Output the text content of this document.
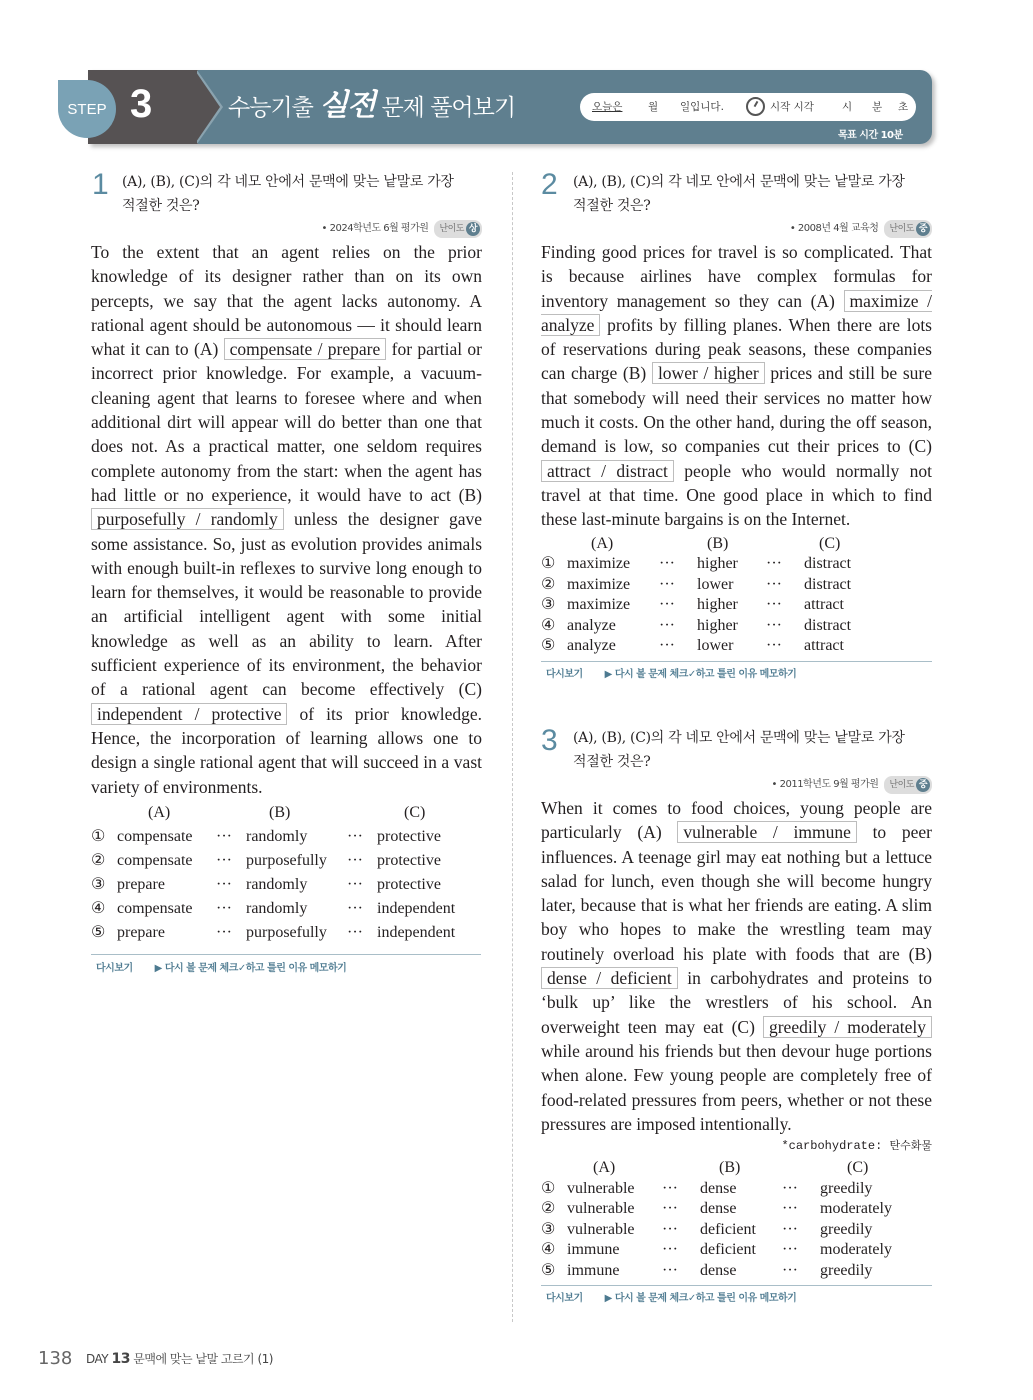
STEP 3	수능기출 실전 문제 풀어보기	오늘은 월 일입니다.	시작 시각	시 분 초
목표 시간 10분
1 (A), (B), (C)의 각 네모 안에서 문맥에 맞는 낱말로 가장
적절한 것은?
• 2024학년도 6월 평가원 난이도 상
To the extent that an agent relies on the prior knowledge of its designer rather than on its own percepts, we say that the agent lacks autonomy. A rational agent should be autonomous — it should learn what it can to (A) compensate / prepare for partial or incorrect prior knowledge. For example, a vacuum-cleaning agent that learns to foresee where and when additional dirt will appear will do better than one that does not. As a practical matter, one seldom requires complete autonomy from the start: when the agent has had little or no experience, it would have to act (B) purposefully / randomly unless the designer gave some assistance. So, just as evolution provides animals with enough built-in reflexes to survive long enough to learn for themselves, it would be reasonable to provide an artificial intelligent agent with some initial knowledge as well as an ability to learn. After sufficient experience of its environment, the behavior of a rational agent can become effectively (C) independent / protective of its prior knowledge. Hence, the incorporation of learning allows one to design a single rational agent that will succeed in a vast variety of environments.
(A)	(B)	(C)
① compensate ··· randomly ··· protective
② compensate ··· purposefully ··· protective
③ prepare	··· randomly ··· protective
④ compensate ··· randomly ··· independent
⑤ prepare	··· purposefully ··· independent
다시보기 ▶ 다시 볼 문제 체크✓하고 틀린 이유 메모하기
2 (A), (B), (C)의 각 네모 안에서 문맥에 맞는 낱말로 가장
적절한 것은?
• 2008년 4월 교육청 난이도 중
Finding good prices for travel is so complicated. That is because airlines have complex formulas for inventory management so they can (A) maximize / analyze profits by filling planes. When there are lots of reservations during peak seasons, these companies can charge (B) lower / higher prices and still be sure that somebody will need their services no matter how much it costs. On the other hand, during the off season, demand is low, so companies cut their prices to (C) attract / distract people who would normally not travel at that time. One good place in which to find these last-minute bargains is on the Internet.
(A)	(B)	(C)
① maximize ··· higher ··· distract
② maximize ··· lower ··· distract
③ maximize ··· higher ··· attract
④ analyze	··· higher ··· distract
⑤ analyze	··· lower ··· attract
다시보기 ▶ 다시 볼 문제 체크✓하고 틀린 이유 메모하기
3 (A), (B), (C)의 각 네모 안에서 문맥에 맞는 낱말로 가장
적절한 것은?
• 2011학년도 9월 평가원 난이도 중
When it comes to food choices, young people are particularly (A) vulnerable / immune to peer influences. A teenage girl may eat nothing but a lettuce salad for lunch, even though she will become hungry later, because that is what her friends are eating. A slim boy who hopes to make the wrestling team may routinely overload his plate with foods that are (B) dense / deficient in carbohydrates and proteins to ‘bulk up’ like the wrestlers of his school. An overweight teen may eat (C) greedily / moderately while around his friends but then devour huge portions when alone. Few young people are completely free of food-related pressures from peers, whether or not these pressures are imposed intentionally.
*carbohydrate: 탄수화물
(A)	(B)	(C)
① vulnerable ··· dense	··· greedily
② vulnerable ··· dense	··· moderately
③ vulnerable ··· deficient ··· greedily
④ immune	··· deficient ··· moderately
⑤ immune	··· dense	··· greedily
다시보기 ▶ 다시 볼 문제 체크✓하고 틀린 이유 메모하기
138 DAY 13 문맥에 맞는 낱말 고르기 (1)
